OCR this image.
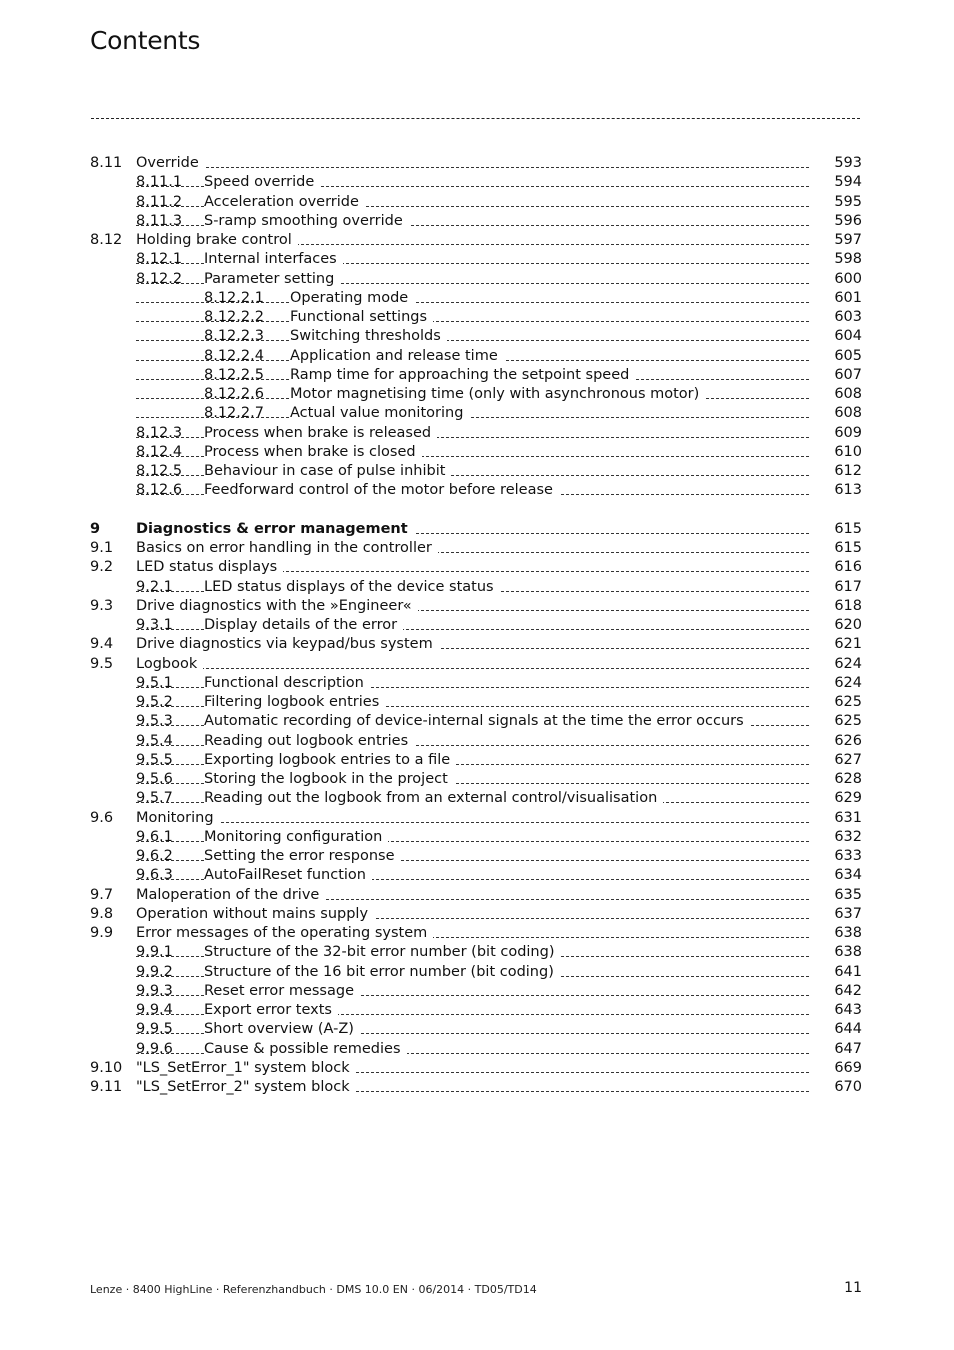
Contents
8.11 Override	593
8.11.1 Speed override	594
8.11.2 Acceleration override	595
8.11.3 S-ramp smoothing override	596
8.12 Holding brake control	597
8.12.1 Internal interfaces	598
8.12.2 Parameter setting	600
8.12.2.1 Operating mode	601
8.12.2.2 Functional settings	603
8.12.2.3 Switching thresholds	604
8.12.2.4 Application and release time	605
8.12.2.5 Ramp time for approaching the setpoint speed	607
8.12.2.6 Motor magnetising time (only with asynchronous motor)	608
8.12.2.7 Actual value monitoring	608
8.12.3 Process when brake is released	609
8.12.4 Process when brake is closed	610
8.12.5 Behaviour in case of pulse inhibit	612
8.12.6 Feedforward control of the motor before release	613
9 Diagnostics & error management	615
9.1 Basics on error handling in the controller	615
9.2 LED status displays	616
9.2.1 LED status displays of the device status	617
9.3 Drive diagnostics with the »Engineer«	618
9.3.1 Display details of the error	620
9.4 Drive diagnostics via keypad/bus system	621
9.5 Logbook	624
9.5.1 Functional description	624
9.5.2 Filtering logbook entries	625
9.5.3 Automatic recording of device-internal signals at the time the error occurs	625
9.5.4 Reading out logbook entries	626
9.5.5 Exporting logbook entries to a file	627
9.5.6 Storing the logbook in the project	628
9.5.7 Reading out the logbook from an external control/visualisation	629
9.6 Monitoring	631
9.6.1 Monitoring configuration	632
9.6.2 Setting the error response	633
9.6.3 AutoFailReset function	634
9.7 Maloperation of the drive	635
9.8 Operation without mains supply	637
9.9 Error messages of the operating system	638
9.9.1 Structure of the 32-bit error number (bit coding)	638
9.9.2 Structure of the 16 bit error number (bit coding)	641
9.9.3 Reset error message	642
9.9.4 Export error texts	643
9.9.5 Short overview (A-Z)	644
9.9.6 Cause & possible remedies	647
9.10 "LS_SetError_1" system block	669
9.11 "LS_SetError_2" system block	670
Lenze · 8400 HighLine · Referenzhandbuch · DMS 10.0 EN · 06/2014 · TD05/TD14	11
